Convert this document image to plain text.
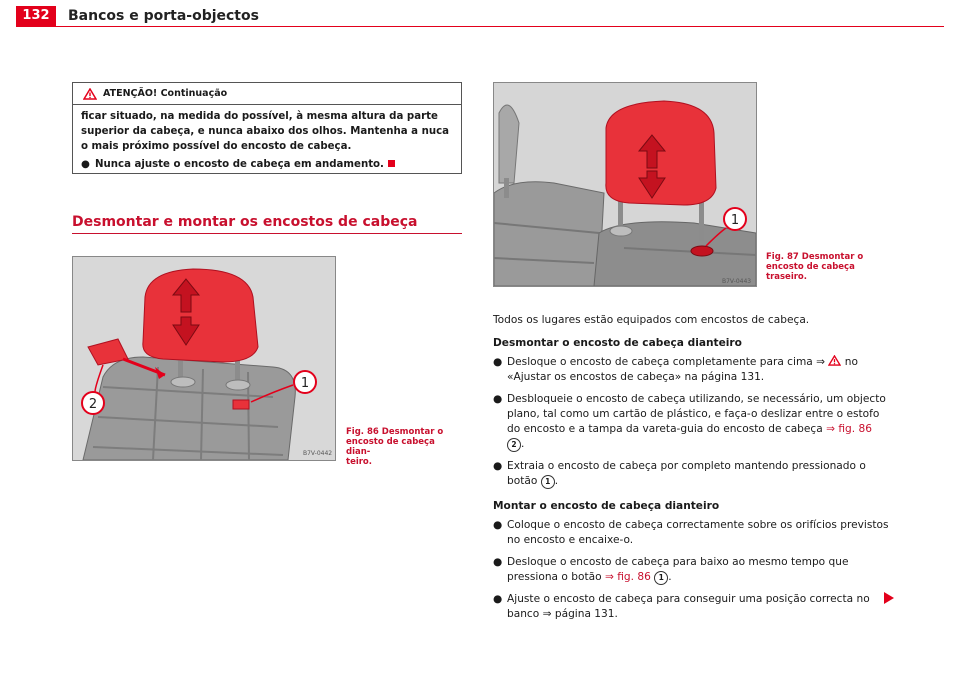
132	Bancos e porta-objectos
ATENÇÃO! Continuação

ficar situado, na medida do possível, à mesma altura da parte superior da cabeça, e nunca abaixo dos olhos. Mantenha a nuca o mais próximo possível do encosto de cabeça.

● Nunca ajuste o encosto de cabeça em andamento.
Desmontar e montar os encostos de cabeça
1
2
B7V-0442
Fig. 86 Desmontar o
encosto de cabeça dian-
teiro.
1
B7V-0443
Fig. 87 Desmontar o
encosto de cabeça
traseiro.

Todos os lugares estão equipados com encostos de cabeça.

Desmontar o encosto de cabeça dianteiro

● Desloque o encosto de cabeça completamente para cima ⇒  no «Ajustar os encostos de cabeça» na página 131.
● Desbloqueie o encosto de cabeça utilizando, se necessário, um objecto plano, tal como um cartão de plástico, e faça-o deslizar entre o estofo do encosto e a tampa da vareta-guia do encosto de cabeça ⇒ fig. 86 2 .
● Extraia o encosto de cabeça por completo mantendo pressionado o botão 1 .

Montar o encosto de cabeça dianteiro

● Coloque o encosto de cabeça correctamente sobre os orifícios previstos no encosto e encaixe-o.
● Desloque o encosto de cabeça para baixo ao mesmo tempo que pressiona o botão ⇒ fig. 86 1 .
● Ajuste o encosto de cabeça para conseguir uma posição correcta no banco ⇒ página 131.
